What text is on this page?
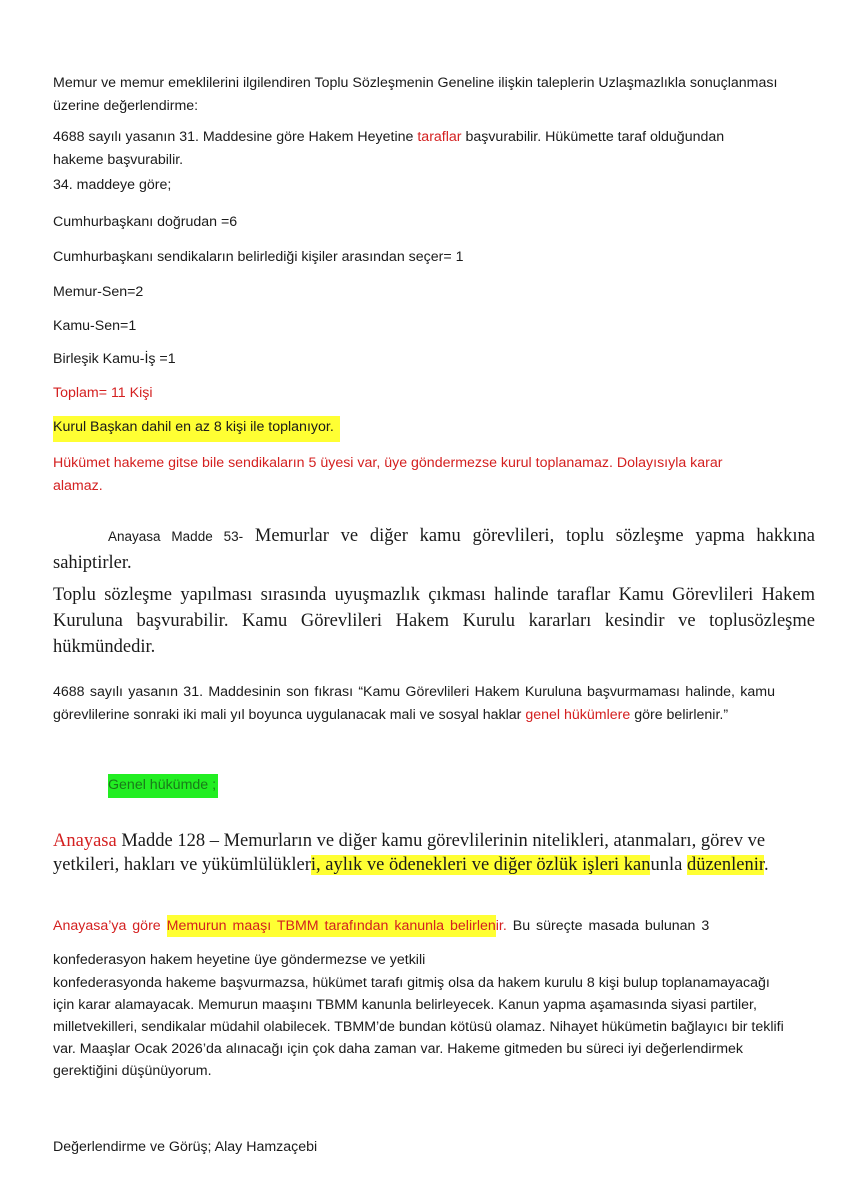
Memur ve memur emeklilerini ilgilendiren Toplu Sözleşmenin Geneline ilişkin taleplerin Uzlaşmazlıkla sonuçlanması üzerine değerlendirme:

4688 sayılı yasanın 31. Maddesine göre Hakem Heyetine taraflar başvurabilir. Hükümette taraf olduğundan hakeme başvurabilir.

34. maddeye göre;

Cumhurbaşkanı doğrudan =6

Cumhurbaşkanı sendikaların belirlediği kişiler arasından seçer= 1

Memur-Sen=2

Kamu-Sen=1

Birleşik Kamu-İş =1

Toplam= 11 Kişi

Kurul Başkan dahil en az 8 kişi ile toplanıyor.

Hükümet hakeme gitse bile sendikaların 5 üyesi var, üye göndermezse kurul toplanamaz. Dolayısıyla karar alamaz.

Anayasa Madde 53- Memurlar ve diğer kamu görevlileri, toplu sözleşme yapma hakkına sahiptirler.

Toplu sözleşme yapılması sırasında uyuşmazlık çıkması halinde taraflar Kamu Görevlileri Hakem Kuruluna başvurabilir. Kamu Görevlileri Hakem Kurulu kararları kesindir ve toplusözleşme hükmündedir.

4688 sayılı yasanın 31. Maddesinin son fıkrası “Kamu Görevlileri Hakem Kuruluna başvurmaması halinde, kamu görevlilerine sonraki iki mali yıl boyunca uygulanacak mali ve sosyal haklar genel hükümlere göre belirlenir.”

Genel hükümde ;

Anayasa Madde 128 – Memurların ve diğer kamu görevlilerinin nitelikleri, atanmaları, görev ve yetkileri, hakları ve yükümlülükleri, aylık ve ödenekleri ve diğer özlük işleri kanunla düzenlenir.

Anayasa’ya göre Memurun maaşı TBMM tarafından kanunla belirlenir. Bu süreçte masada bulunan 3

konfederasyon hakem heyetine üye göndermezse ve yetkili

konfederasyonda hakeme başvurmazsa, hükümet tarafı gitmiş olsa da hakem kurulu 8 kişi bulup toplanamayacağı için karar alamayacak. Memurun maaşını TBMM kanunla belirleyecek. Kanun yapma aşamasında siyasi partiler, milletvekilleri, sendikalar müdahil olabilecek. TBMM’de bundan kötüsü olamaz. Nihayet hükümetin bağlayıcı bir teklifi var. Maaşlar Ocak 2026’da alınacağı için çok daha zaman var. Hakeme gitmeden bu süreci iyi değerlendirmek gerektiğini düşünüyorum.

Değerlendirme ve Görüş; Alay Hamzaçebi
